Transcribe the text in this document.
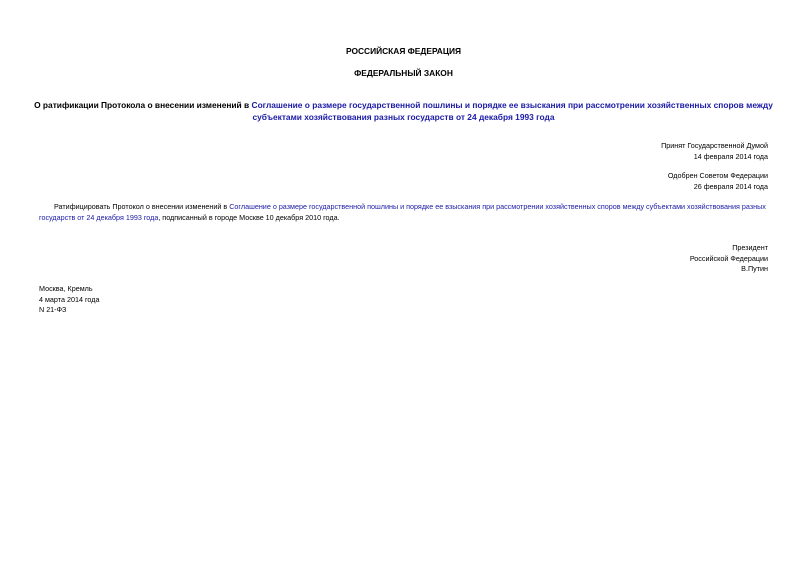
РОССИЙСКАЯ ФЕДЕРАЦИЯ
ФЕДЕРАЛЬНЫЙ ЗАКОН
О ратификации Протокола о внесении изменений в Соглашение о размере государственной пошлины и порядке ее взыскания при рассмотрении хозяйственных споров между субъектами хозяйствования разных государств от 24 декабря 1993 года
Принят Государственной Думой
14 февраля 2014 года
Одобрен Советом Федерации
26 февраля 2014 года
Ратифицировать Протокол о внесении изменений в Соглашение о размере государственной пошлины и порядке ее взыскания при рассмотрении хозяйственных споров между субъектами хозяйствования разных государств от 24 декабря 1993 года, подписанный в городе Москве 10 декабря 2010 года.
Президент
Российской Федерации
В.Путин
Москва, Кремль
4 марта 2014 года
N 21-ФЗ
